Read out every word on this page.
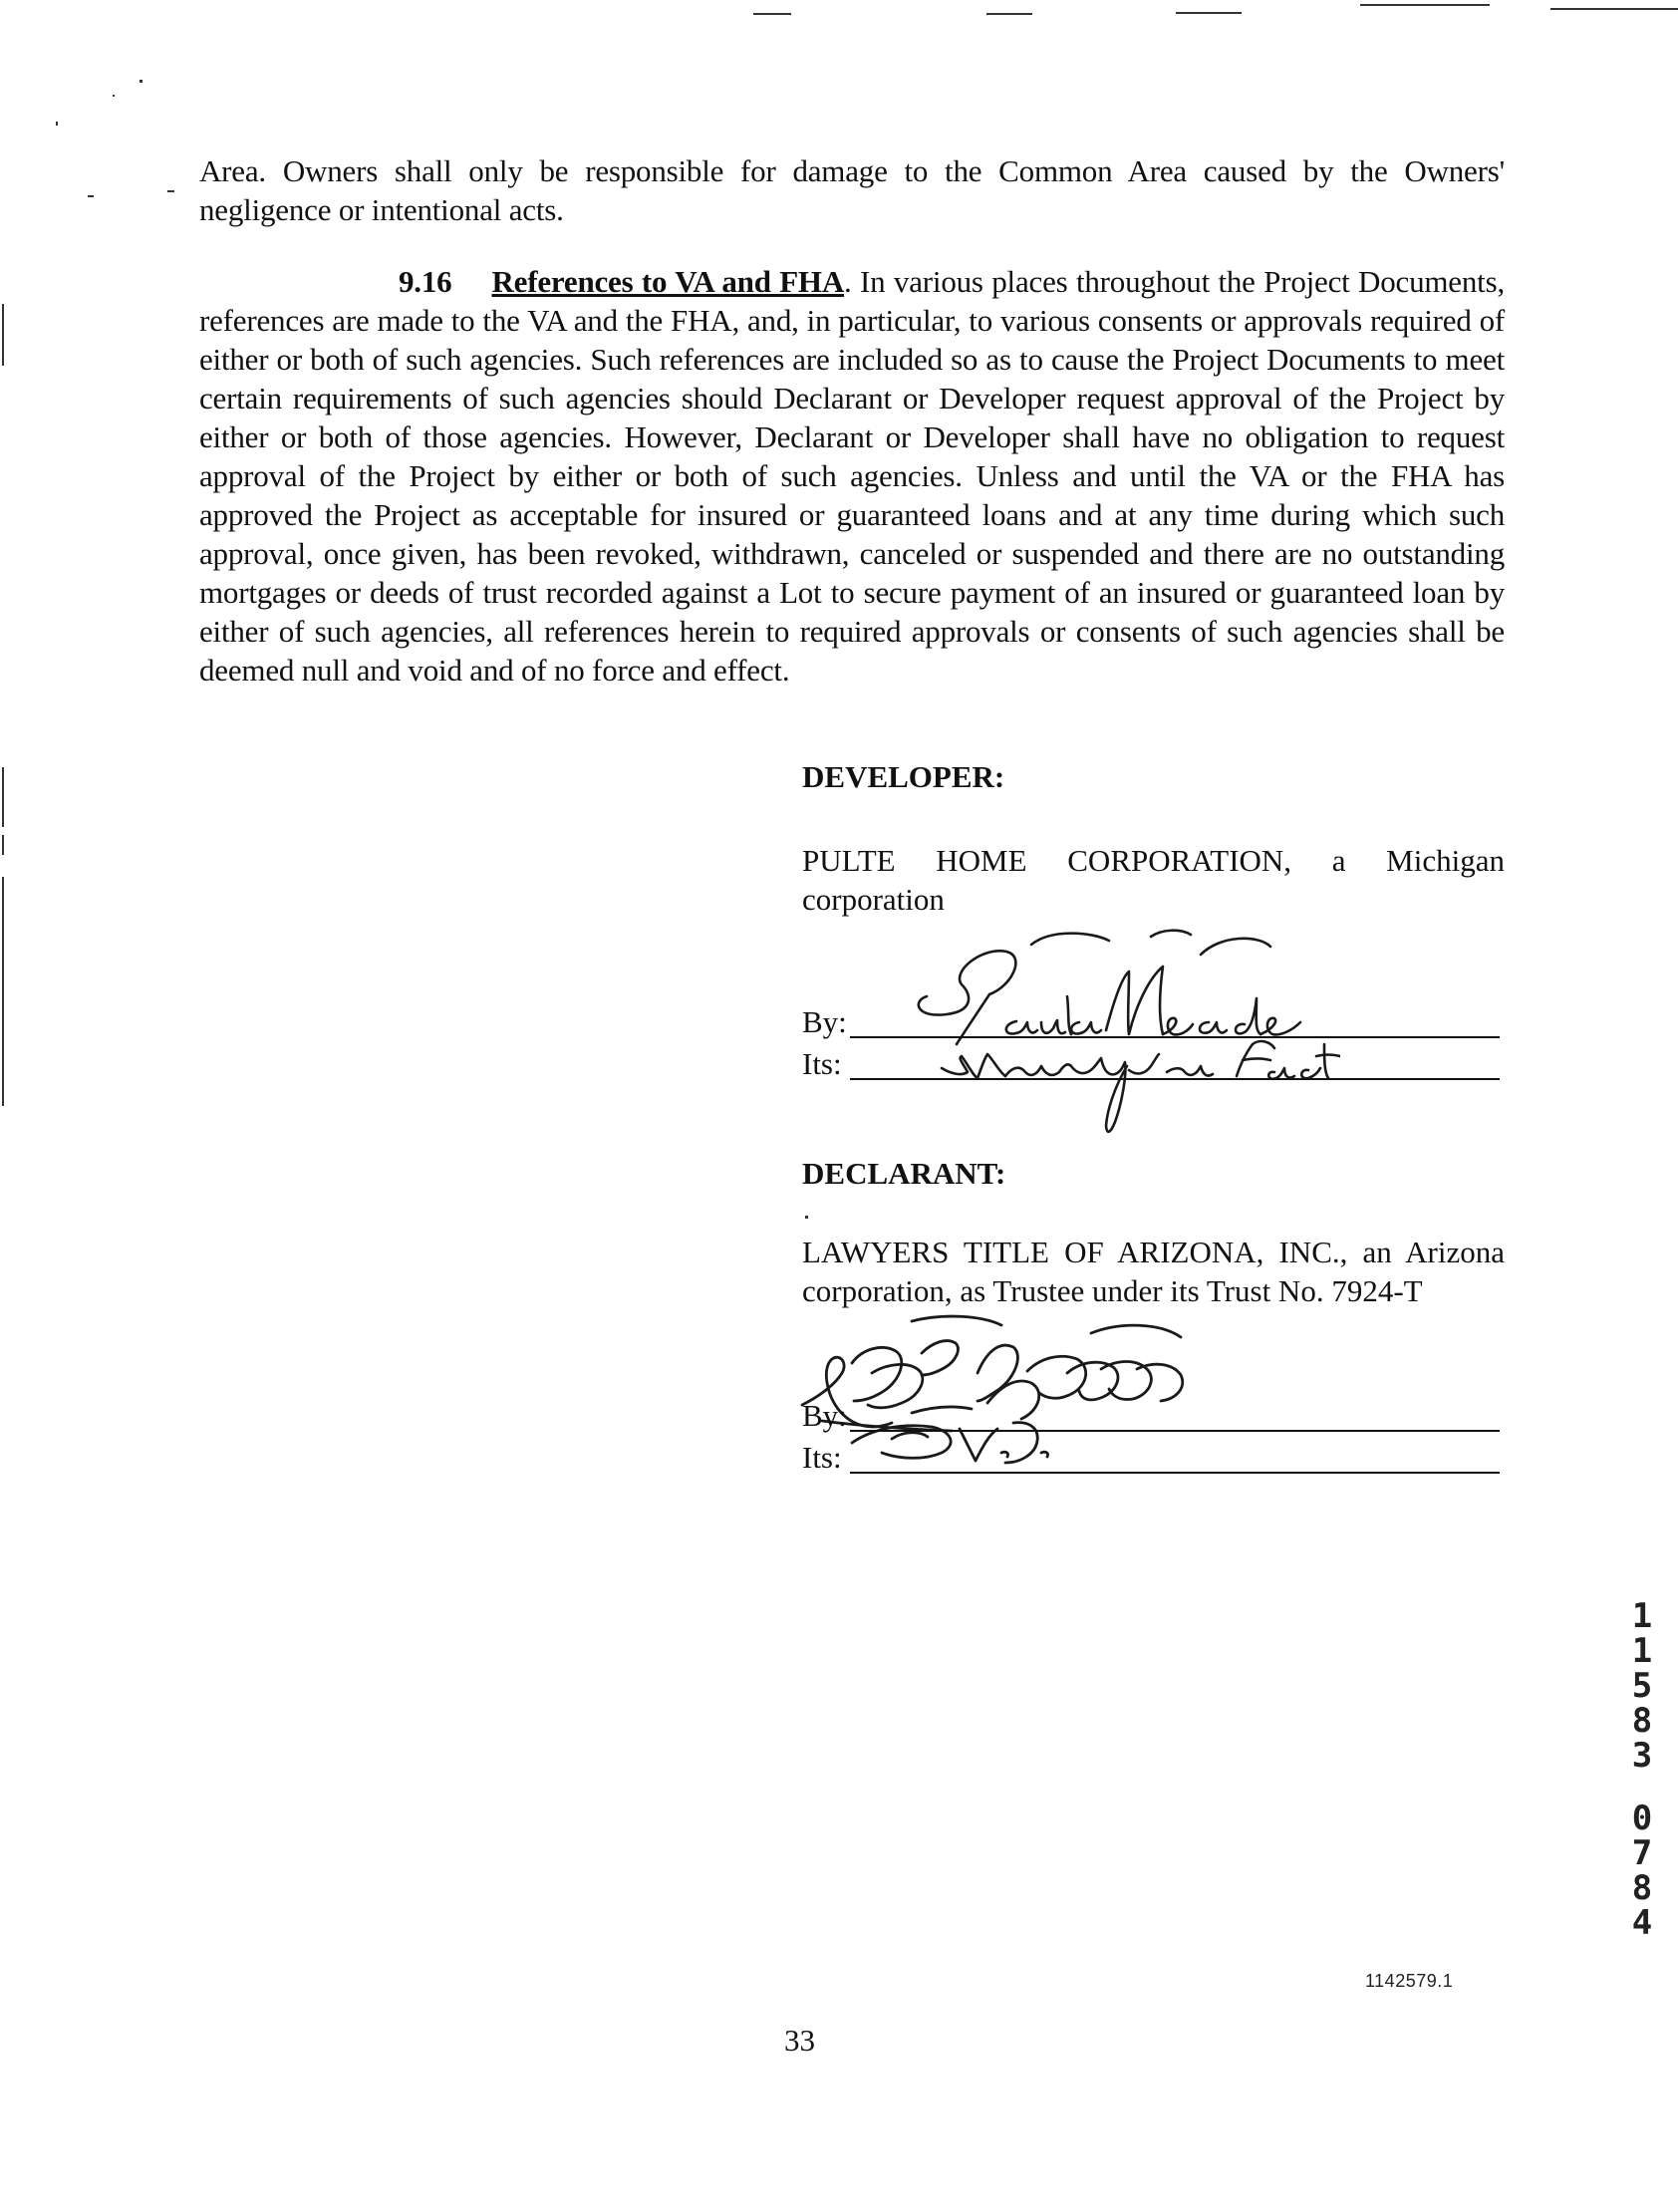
Area. Owners shall only be responsible for damage to the Common Area caused by the Owners' negligence or intentional acts.

9.16 References to VA and FHA. In various places throughout the Project Documents, references are made to the VA and the FHA, and, in particular, to various consents or approvals required of either or both of such agencies. Such references are included so as to cause the Project Documents to meet certain requirements of such agencies should Declarant or Developer request approval of the Project by either or both of those agencies. However, Declarant or Developer shall have no obligation to request approval of the Project by either or both of such agencies. Unless and until the VA or the FHA has approved the Project as acceptable for insured or guaranteed loans and at any time during which such approval, once given, has been revoked, withdrawn, canceled or suspended and there are no outstanding mortgages or deeds of trust recorded against a Lot to secure payment of an insured or guaranteed loan by either of such agencies, all references herein to required approvals or consents of such agencies shall be deemed null and void and of no force and effect.

DEVELOPER:
PULTE HOME CORPORATION, a Michigan corporation
By:
Its:
DECLARANT:
LAWYERS TITLE OF ARIZONA, INC., an Arizona corporation, as Trustee under its Trust No. 7924-T
By:
Its:
1
1
5
8
3
0
7
8
4
1142579.1
33
